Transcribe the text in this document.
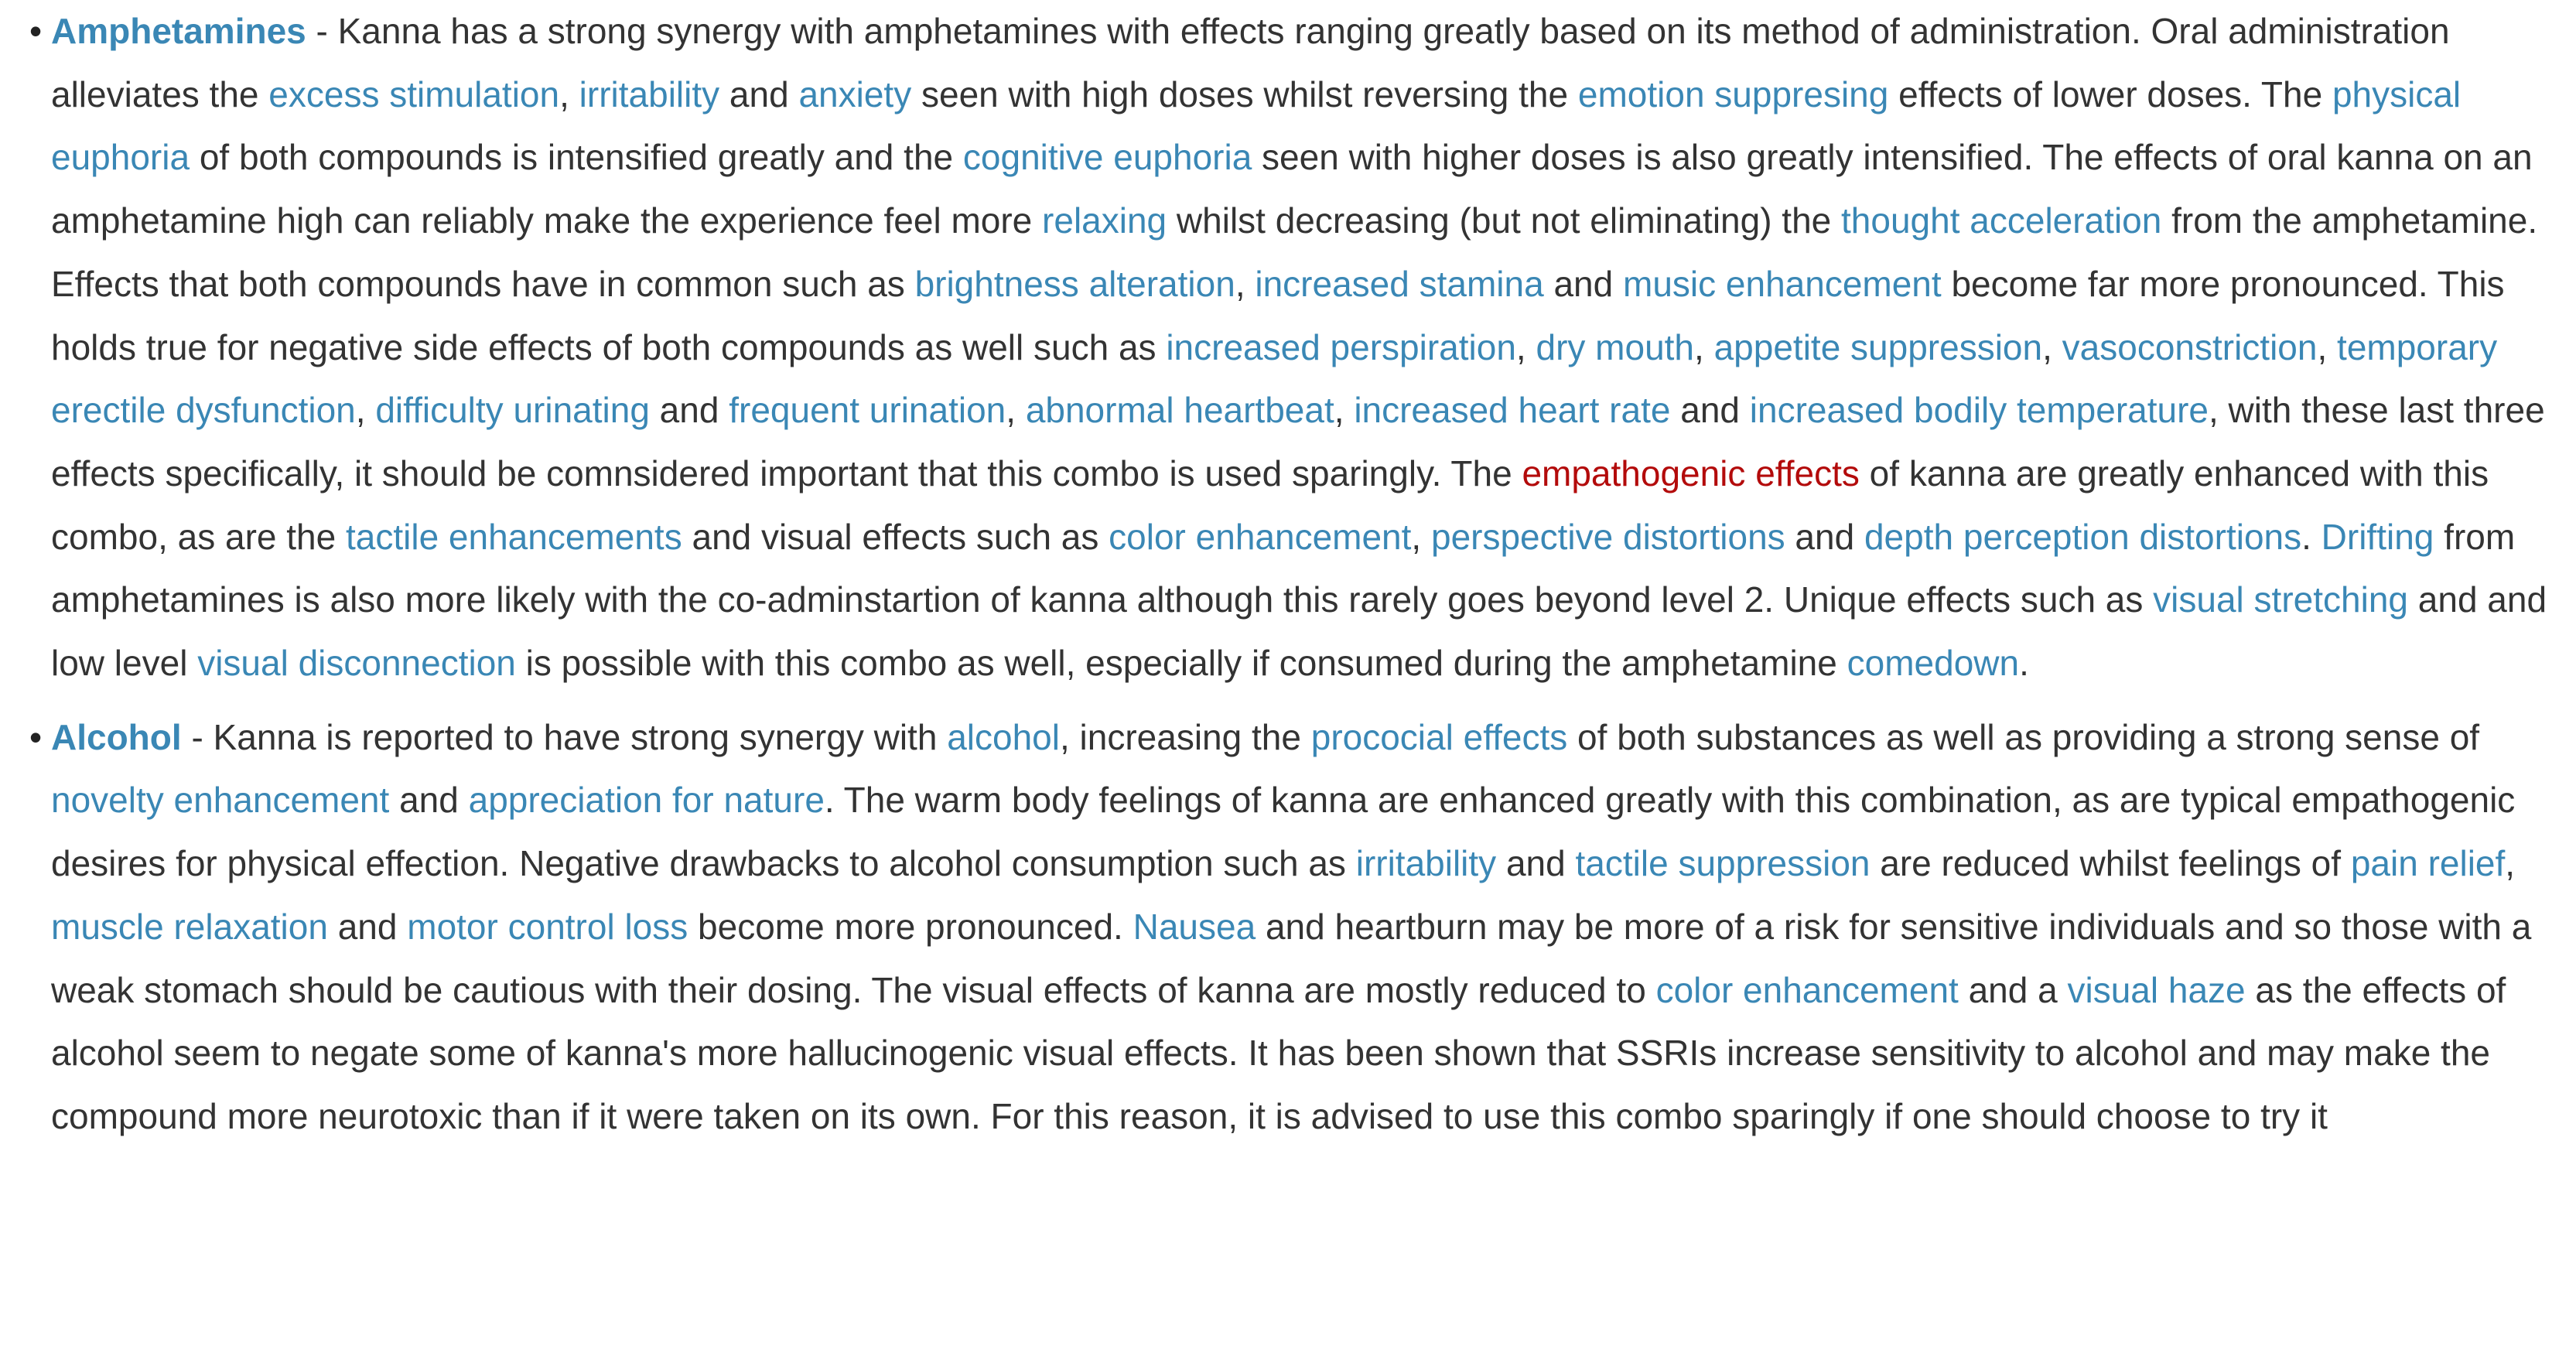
• Amphetamines - Kanna has a strong synergy with amphetamines with effects ranging greatly based on its method of administration. Oral administration alleviates the excess stimulation, irritability and anxiety seen with high doses whilst reversing the emotion suppresing effects of lower doses. The physical euphoria of both compounds is intensified greatly and the cognitive euphoria seen with higher doses is also greatly intensified. The effects of oral kanna on an amphetamine high can reliably make the experience feel more relaxing whilst decreasing (but not eliminating) the thought acceleration from the amphetamine. Effects that both compounds have in common such as brightness alteration, increased stamina and music enhancement become far more pronounced. This holds true for negative side effects of both compounds as well such as increased perspiration, dry mouth, appetite suppression, vasoconstriction, temporary erectile dysfunction, difficulty urinating and frequent urination, abnormal heartbeat, increased heart rate and increased bodily temperature, with these last three effects specifically, it should be comnsidered important that this combo is used sparingly. The empathogenic effects of kanna are greatly enhanced with this combo, as are the tactile enhancements and visual effects such as color enhancement, perspective distortions and depth perception distortions. Drifting from amphetamines is also more likely with the co-adminstartion of kanna although this rarely goes beyond level 2. Unique effects such as visual stretching and and low level visual disconnection is possible with this combo as well, especially if consumed during the amphetamine comedown.
• Alcohol - Kanna is reported to have strong synergy with alcohol, increasing the prococial effects of both substances as well as providing a strong sense of novelty enhancement and appreciation for nature. The warm body feelings of kanna are enhanced greatly with this combination, as are typical empathogenic desires for physical effection. Negative drawbacks to alcohol consumption such as irritability and tactile suppression are reduced whilst feelings of pain relief, muscle relaxation and motor control loss become more pronounced. Nausea and heartburn may be more of a risk for sensitive individuals and so those with a weak stomach should be cautious with their dosing. The visual effects of kanna are mostly reduced to color enhancement and a visual haze as the effects of alcohol seem to negate some of kanna's more hallucinogenic visual effects. It has been shown that SSRIs increase sensitivity to alcohol and may make the compound more neurotoxic than if it were taken on its own. For this reason, it is advised to use this combo sparingly if one should choose to try it
